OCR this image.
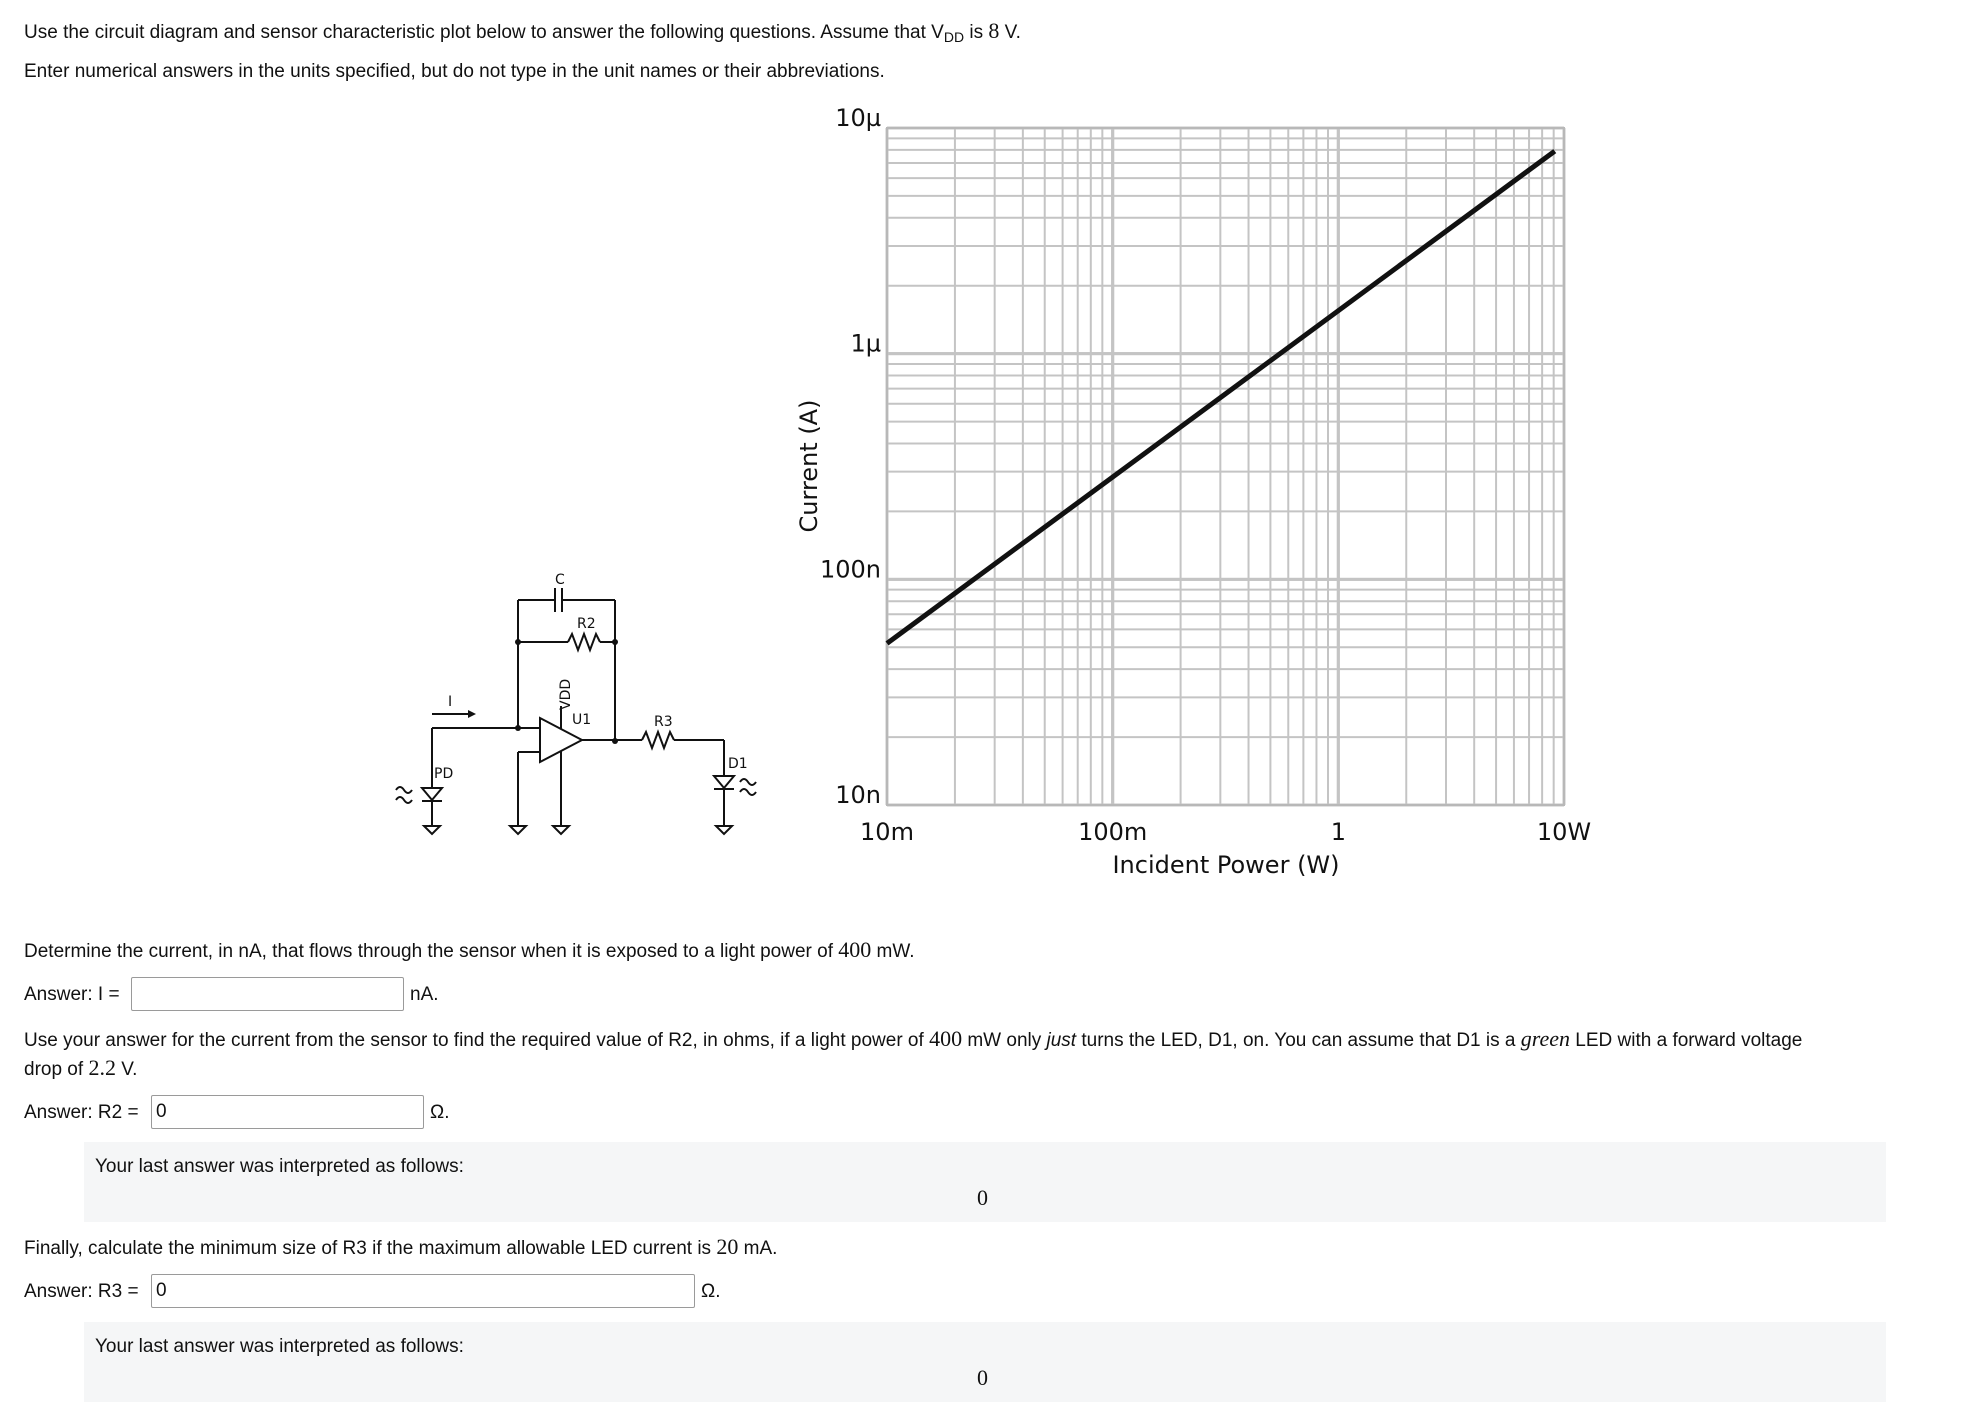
Use the circuit diagram and sensor characteristic plot below to answer the following questions. Assume that $V_{DD}$ is 8 V.
Enter numerical answers in the units specified, but do not type in the unit names or their abbreviations.
PD
I
C
R2
VDD
U1	R3
D1
10m	100m	1	10W
10n
100n
1µ
10µ
Incident Power (W)
Current (A)
Determine the current, in nA, that flows through the sensor when it is exposed to a light power of 400 mW.
Answer: I =	nA.
Use your answer for the current from the sensor to find the required value of R2, in ohms, if a light power of 400 mW only just turns the LED, D1, on. You can assume that D1 is a green LED with a forward voltage
drop of 2.2 V.
Answer: R2 =
0	Ω.
Your last answer was interpreted as follows:
0
Finally, calculate the minimum size of R3 if the maximum allowable LED current is 20 mA.
Answer: R3 =
0	Ω.
Your last answer was interpreted as follows:
0
